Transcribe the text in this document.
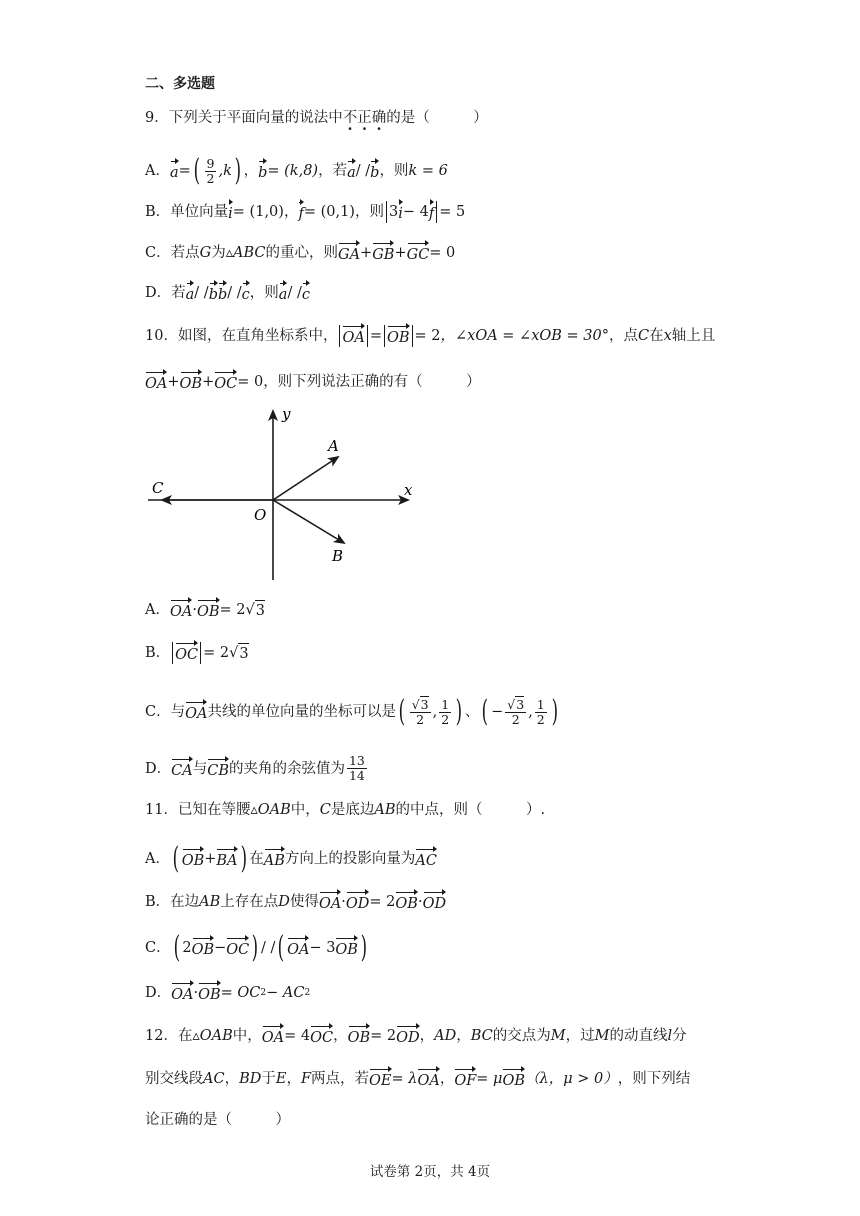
二、多选题
9．下列关于平面向量的说法中 不 · 正 · 确 · 的是（　　　）
A． a = ( $\frac{9}{2} ,k$ ) ， b = (k,8) ，若 a / / b ，则 k = 6
B． 单位向量 i = (1,0) ， f = (0,1) ，则 3 i − 4 f = 5
C． 若点 G 为 ▵ABC 的重心，则 GA + GB + GC = 0
D． 若 a / / b b / / c ，则 a / / c
10．如图，在直角坐标系中， OA = OB = 2 ，∠xOA = ∠xOB = 30° ，点 C 在 x 轴上且
OA + OB + OC = 0 ，则下列说法正确的有（　　　）
y
x
A
B
C
O
A． OA · OB = 2 √ 3
B． OC = 2 √ 3
C． 与 OA 共线的单位向量的坐标可以是 ( $\frac{√3}{2}$ , $\frac{1}{2}$ ) 、 ( − $\frac{√3}{2}$ , $\frac{1}{2}$ )
D． CA 与 CB 的夹角的余弦值为 $\frac{13}{14}$
11．已知在等腰 ▵OAB 中， C 是底边 AB 的中点，则（　　　）.
A． ( OB + BA ) 在 AB 方向上的投影向量为 AC
B． 在边 AB 上存在点 D 使得 OA · OD = 2 OB · OD
C． ( 2 OB − OC ) / / ( OA − 3 OB )
D． OA · OB = OC 2 − AC 2
12．在 ▵OAB 中， OA = 4 OC ， OB = 2 OD ， AD ， BC 的交点为 M ，过 M 的动直线 l 分
别交线段 AC ， BD 于 E ， F 两点，若 OE = λ OA ， OF = μ OB （λ，μ > 0） ，则下列结
论正确的是（　　　）
试卷第 2页，共 4页
